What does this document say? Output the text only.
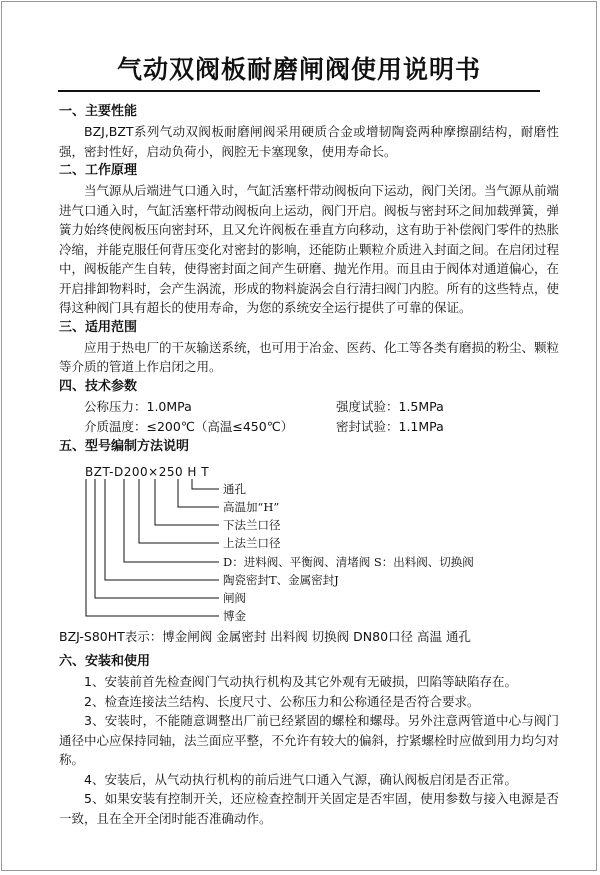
气动双阀板耐磨闸阀使用说明书
一、主要性能

BZJ,BZT系列气动双阀板耐磨闸阀采用硬质合金或增韧陶瓷两种摩擦副结构，耐磨性强，密封性好，启动负荷小，阀腔无卡塞现象，使用寿命长。

二、工作原理

当气源从后端进气口通入时，气缸活塞杆带动阀板向下运动，阀门关闭。当气源从前端进气口通入时，气缸活塞杆带动阀板向上运动，阀门开启。阀板与密封环之间加载弹簧，弹簧力始终使阀板压向密封环，且又允许阀板在垂直方向移动，这有助于补偿阀门零件的热胀冷缩，并能克服任何背压变化对密封的影响，还能防止颗粒介质进入封面之间。在启闭过程中，阀板能产生自转，使得密封面之间产生研磨、抛光作用。而且由于阀体对通道偏心，在开启排卸物料时，会产生涡流，形成的物料旋涡会自行清扫阀门内腔。所有的这些特点，使得这种阀门具有超长的使用寿命，为您的系统安全运行提供了可靠的保证。

三、适用范围

应用于热电厂的干灰输送系统，也可用于冶金、医药、化工等各类有磨损的粉尘、颗粒等介质的管道上作启闭之用。

四、技术参数
公称压力：1.0MPa	强度试验：1.5MPa
介质温度：≤200℃（高温≤450℃）	密封试验：1.1MPa
五、型号编制方法说明
BZT-D200×250 H T
通孔
高温加“H”
下法兰口径
上法兰口径
D：进料阀、平衡阀、清堵阀 S：出料阀、切换阀
陶瓷密封T、金属密封J
闸阀
博金
BZJ-S80HT表示：博金闸阀 金属密封 出料阀 切换阀 DN80口径 高温 通孔
六、安装和使用

1、安装前首先检查阀门气动执行机构及其它外观有无破损，凹陷等缺陷存在。

2、检查连接法兰结构、长度尺寸、公称压力和公称通径是否符合要求。

3、安装时，不能随意调整出厂前已经紧固的螺栓和螺母。另外注意两管道中心与阀门通径中心应保持同轴，法兰面应平整，不允许有较大的偏斜，拧紧螺栓时应做到用力均匀对称。

4、安装后，从气动执行机构的前后进气口通入气源，确认阀板启闭是否正常。

5、如果安装有控制开关，还应检查控制开关固定是否牢固，使用参数与接入电源是否一致，且在全开全闭时能否准确动作。
